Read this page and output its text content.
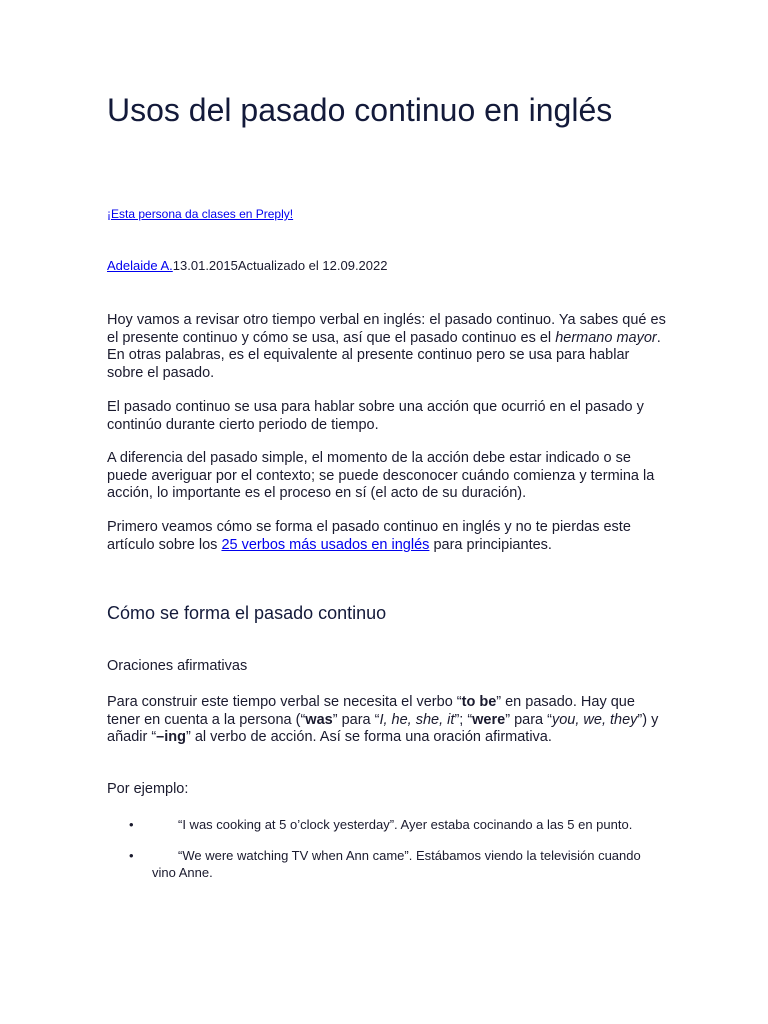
Usos del pasado continuo en inglés
¡Esta persona da clases en Preply!
Adelaide A.13.01.2015Actualizado el 12.09.2022

Hoy vamos a revisar otro tiempo verbal en inglés: el pasado continuo. Ya sabes qué es el presente continuo y cómo se usa, así que el pasado continuo es el hermano mayor. En otras palabras, es el equivalente al presente continuo pero se usa para hablar sobre el pasado.

El pasado continuo se usa para hablar sobre una acción que ocurrió en el pasado y continúo durante cierto periodo de tiempo.

A diferencia del pasado simple, el momento de la acción debe estar indicado o se puede averiguar por el contexto; se puede desconocer cuándo comienza y termina la acción, lo importante es el proceso en sí (el acto de su duración).

Primero veamos cómo se forma el pasado continuo en inglés y no te pierdas este artículo sobre los 25 verbos más usados en inglés para principiantes.

Cómo se forma el pasado continuo
Oraciones afirmativas

Para construir este tiempo verbal se necesita el verbo “to be” en pasado. Hay que tener en cuenta a la persona (“was” para “I, he, she, it”; “were” para “you, we, they”) y añadir “–ing” al verbo de acción. Así se forma una oración afirmativa.

Por ejemplo:

•	“I was cooking at 5 o’clock yesterday”. Ayer estaba cocinando a las 5 en punto.
•	“We were watching TV when Ann came”. Estábamos viendo la televisión cuando vino Anne.
